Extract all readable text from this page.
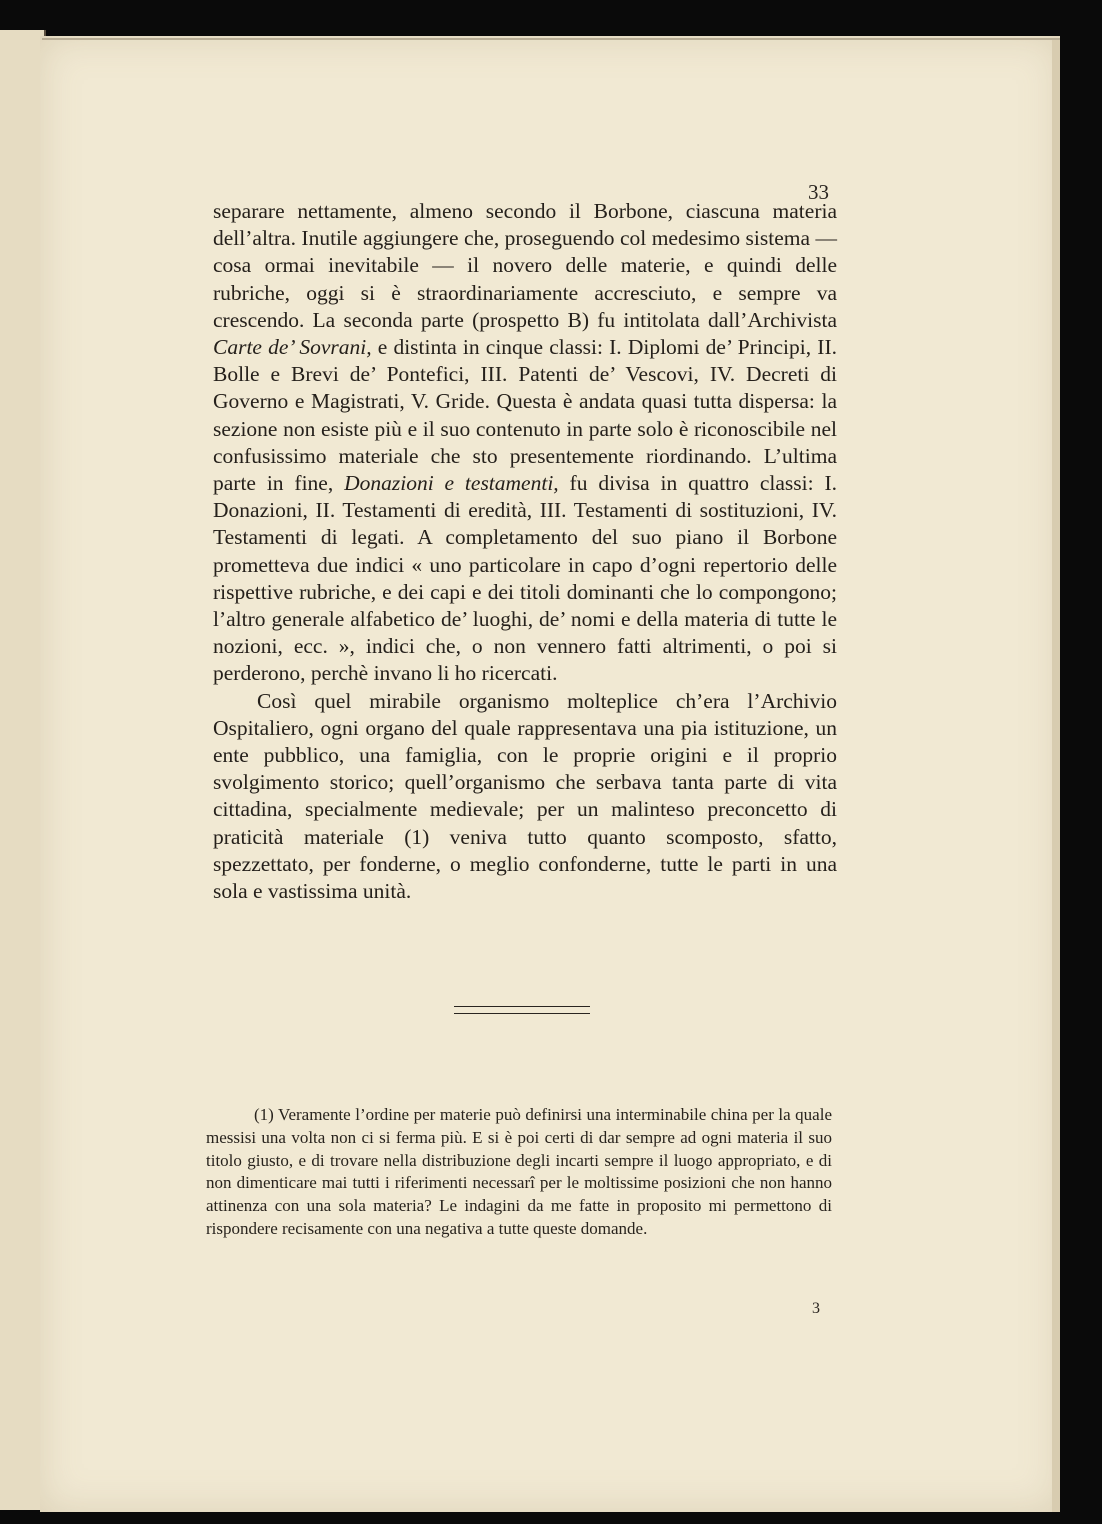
33

separare nettamente, almeno secondo il Borbone, ciascuna materia dell’altra. Inutile aggiungere che, proseguendo col medesimo sistema — cosa ormai inevitabile — il novero delle materie, e quindi delle rubriche, oggi si è straordinariamente accresciuto, e sempre va crescendo. La seconda parte (prospetto B) fu intitolata dall’Archivista Carte de’ Sovrani, e distinta in cinque classi: I. Diplomi de’ Principi, II. Bolle e Brevi de’ Pontefici, III. Patenti de’ Vescovi, IV. Decreti di Governo e Magistrati, V. Gride. Questa è andata quasi tutta dispersa: la sezione non esiste più e il suo contenuto in parte solo è riconoscibile nel confusissimo materiale che sto presentemente riordinando. L’ultima parte in fine, Donazioni e testamenti, fu divisa in quattro classi: I. Donazioni, II. Testamenti di eredità, III. Testamenti di sostituzioni, IV. Testamenti di legati. A completamento del suo piano il Borbone prometteva due indici « uno particolare in capo d’ogni repertorio delle rispettive rubriche, e dei capi e dei titoli dominanti che lo compongono; l’altro generale alfabetico de’ luoghi, de’ nomi e della materia di tutte le nozioni, ecc. », indici che, o non vennero fatti altrimenti, o poi si perderono, perchè invano li ho ricercati.

Così quel mirabile organismo molteplice ch’era l’Archivio Ospitaliero, ogni organo del quale rappresentava una pia istituzione, un ente pubblico, una famiglia, con le proprie origini e il proprio svolgimento storico; quell’organismo che serbava tanta parte di vita cittadina, specialmente medievale; per un malinteso preconcetto di praticità materiale (1) veniva tutto quanto scomposto, sfatto, spezzettato, per fonderne, o meglio confonderne, tutte le parti in una sola e vastissima unità.

(1) Veramente l’ordine per materie può definirsi una interminabile china per la quale messisi una volta non ci si ferma più. E si è poi certi di dar sempre ad ogni materia il suo titolo giusto, e di trovare nella distribuzione degli incarti sempre il luogo appropriato, e di non dimenticare mai tutti i riferimenti necessarî per le moltissime posizioni che non hanno attinenza con una sola materia? Le indagini da me fatte in proposito mi permettono di rispondere recisamente con una negativa a tutte queste domande.

3
